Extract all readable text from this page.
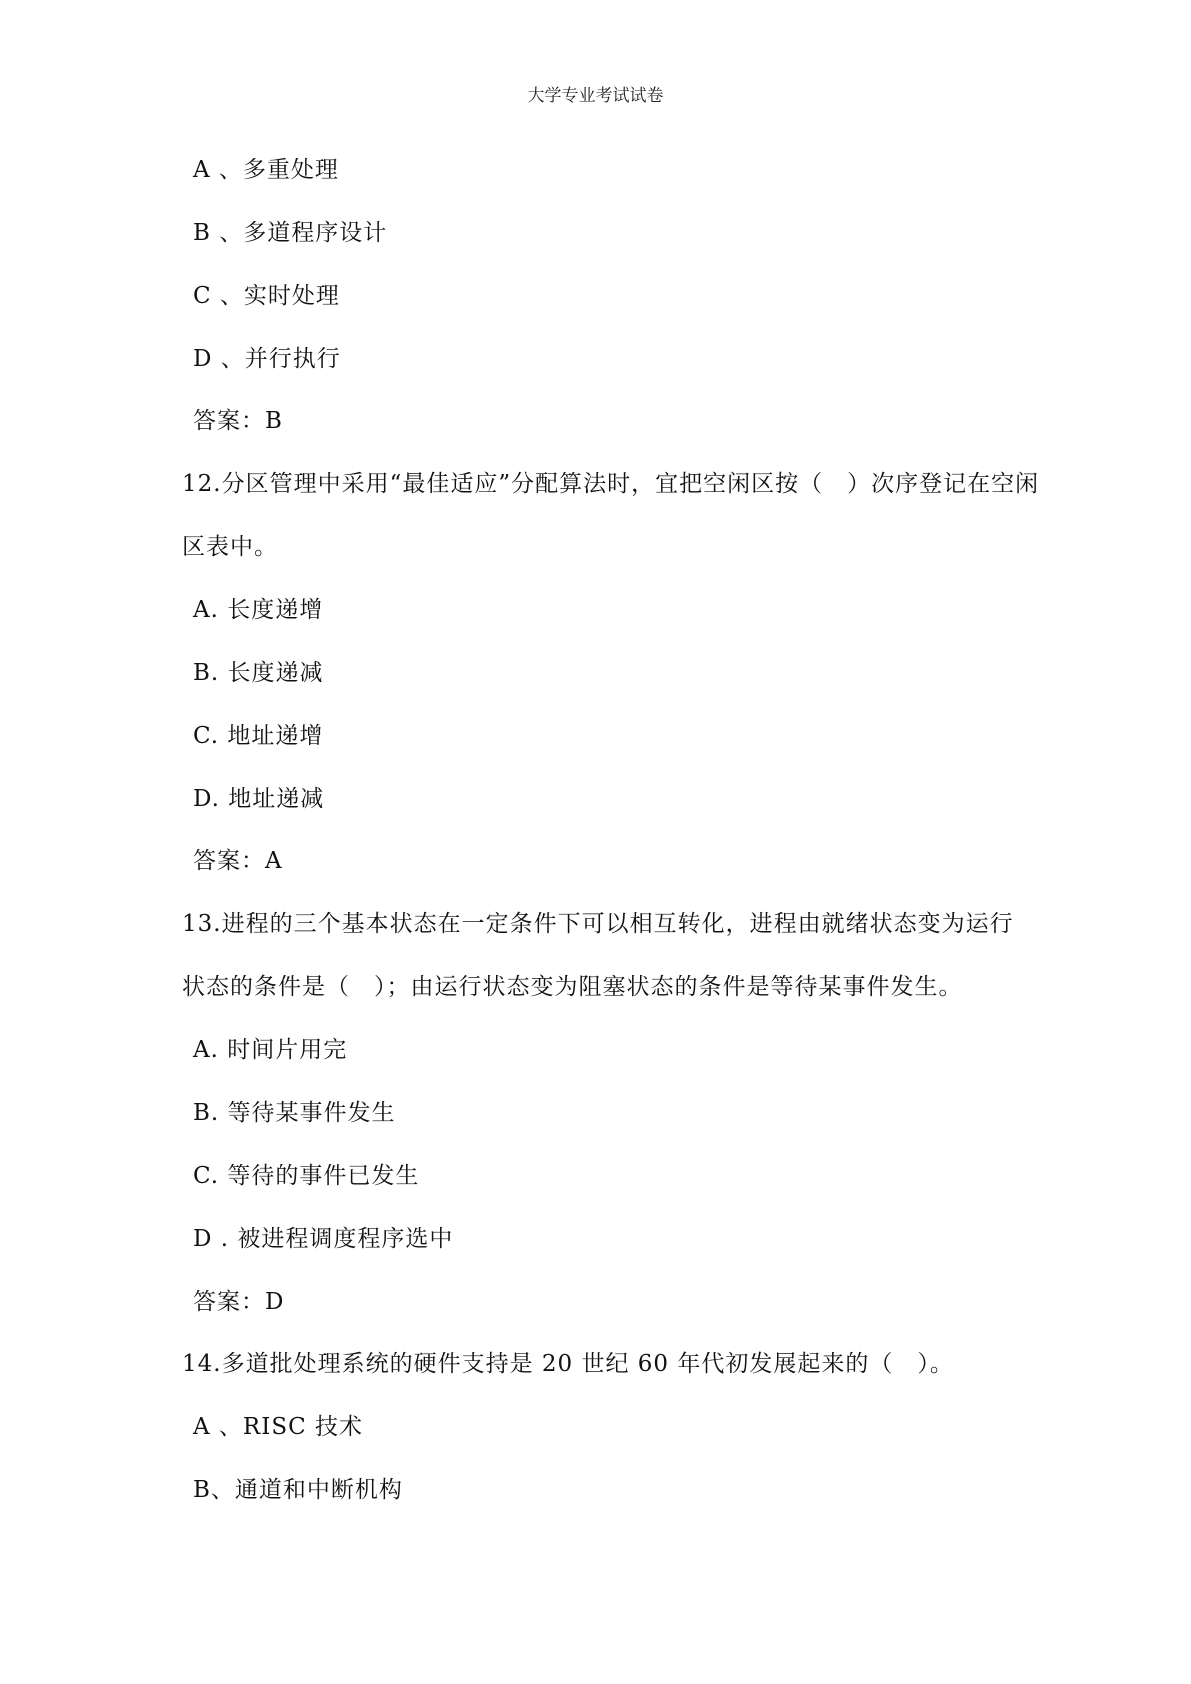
大学专业考试试卷
A 、多重处理
B 、多道程序设计
C 、实时处理
D 、并行执行
答案：B
12.分区管理中采用“最佳适应”分配算法时，宜把空闲区按（　）次序登记在空闲
区表中。
A. 长度递增
B. 长度递减
C. 地址递增
D. 地址递减
答案：A
13.进程的三个基本状态在一定条件下可以相互转化，进程由就绪状态变为运行
状态的条件是（　）；由运行状态变为阻塞状态的条件是等待某事件发生。
A. 时间片用完
B. 等待某事件发生
C. 等待的事件已发生
D . 被进程调度程序选中
答案：D
14.多道批处理系统的硬件支持是 20 世纪 60 年代初发展起来的（　）。
A 、RISC 技术
B、通道和中断机构
